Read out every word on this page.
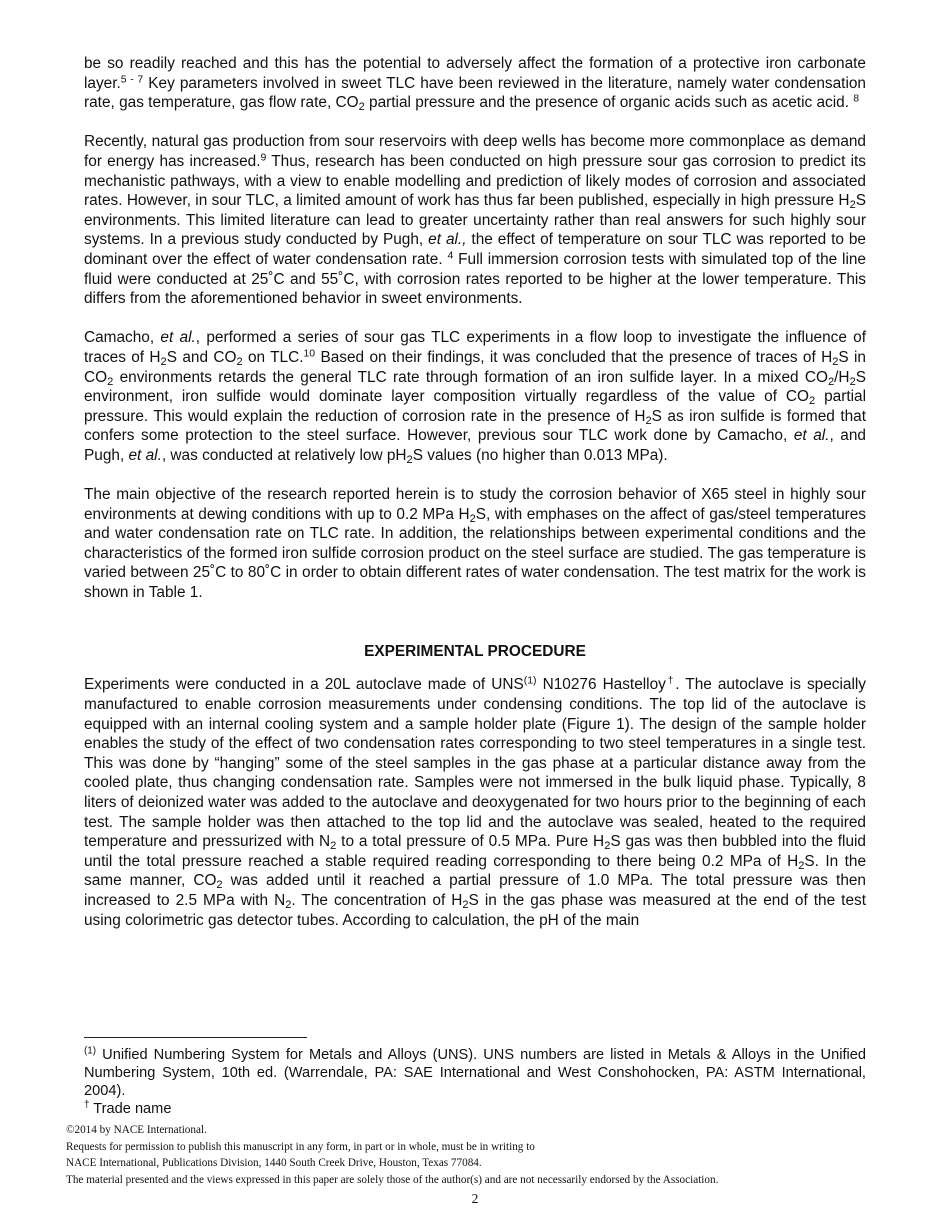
be so readily reached and this has the potential to adversely affect the formation of a protective iron carbonate layer.$^{5 - 7}$ Key parameters involved in sweet TLC have been reviewed in the literature, namely water condensation rate, gas temperature, gas flow rate, $CO_2$ partial pressure and the presence of organic acids such as acetic acid. $^8$

Recently, natural gas production from sour reservoirs with deep wells has become more commonplace as demand for energy has increased.$^9$ Thus, research has been conducted on high pressure sour gas corrosion to predict its mechanistic pathways, with a view to enable modelling and prediction of likely modes of corrosion and associated rates. However, in sour TLC, a limited amount of work has thus far been published, especially in high pressure $H_2S$ environments. This limited literature can lead to greater uncertainty rather than real answers for such highly sour systems. In a previous study conducted by Pugh, et al., the effect of temperature on sour TLC was reported to be dominant over the effect of water condensation rate. $^4$ Full immersion corrosion tests with simulated top of the line fluid were conducted at 25˚C and 55˚C, with corrosion rates reported to be higher at the lower temperature. This differs from the aforementioned behavior in sweet environments.

Camacho, et al., performed a series of sour gas TLC experiments in a flow loop to investigate the influence of traces of $H_2S$ and $CO_2$ on TLC.$^{10}$ Based on their findings, it was concluded that the presence of traces of $H_2S$ in $CO_2$ environments retards the general TLC rate through formation of an iron sulfide layer. In a mixed $CO_2/H_2S$ environment, iron sulfide would dominate layer composition virtually regardless of the value of $CO_2$ partial pressure. This would explain the reduction of corrosion rate in the presence of $H_2S$ as iron sulfide is formed that confers some protection to the steel surface. However, previous sour TLC work done by Camacho, et al., and Pugh, et al., was conducted at relatively low $pH_2S$ values (no higher than 0.013 MPa).

The main objective of the research reported herein is to study the corrosion behavior of X65 steel in highly sour environments at dewing conditions with up to 0.2 MPa $H_2S$, with emphases on the affect of gas/steel temperatures and water condensation rate on TLC rate. In addition, the relationships between experimental conditions and the characteristics of the formed iron sulfide corrosion product on the steel surface are studied. The gas temperature is varied between 25˚C to 80˚C in order to obtain different rates of water condensation. The test matrix for the work is shown in Table 1.

EXPERIMENTAL PROCEDURE

Experiments were conducted in a 20L autoclave made of UNS$^{(1)}$ N10276 Hastelloy†. The autoclave is specially manufactured to enable corrosion measurements under condensing conditions. The top lid of the autoclave is equipped with an internal cooling system and a sample holder plate (Figure 1). The design of the sample holder enables the study of the effect of two condensation rates corresponding to two steel temperatures in a single test. This was done by “hanging” some of the steel samples in the gas phase at a particular distance away from the cooled plate, thus changing condensation rate. Samples were not immersed in the bulk liquid phase. Typically, 8 liters of deionized water was added to the autoclave and deoxygenated for two hours prior to the beginning of each test. The sample holder was then attached to the top lid and the autoclave was sealed, heated to the required temperature and pressurized with $N_2$ to a total pressure of 0.5 MPa. Pure $H_2S$ gas was then bubbled into the fluid until the total pressure reached a stable required reading corresponding to there being 0.2 MPa of $H_2S$. In the same manner, $CO_2$ was added until it reached a partial pressure of 1.0 MPa. The total pressure was then increased to 2.5 MPa with $N_2$. The concentration of $H_2S$ in the gas phase was measured at the end of the test using colorimetric gas detector tubes. According to calculation, the pH of the main

$^{(1)}$ Unified Numbering System for Metals and Alloys (UNS). UNS numbers are listed in Metals & Alloys in the Unified Numbering System, 10th ed. (Warrendale, PA: SAE International and West Conshohocken, PA: ASTM International, 2004).

† Trade name

©2014 by NACE International.

Requests for permission to publish this manuscript in any form, in part or in whole, must be in writing to

NACE International, Publications Division, 1440 South Creek Drive, Houston, Texas 77084.

The material presented and the views expressed in this paper are solely those of the author(s) and are not necessarily endorsed by the Association.

2
